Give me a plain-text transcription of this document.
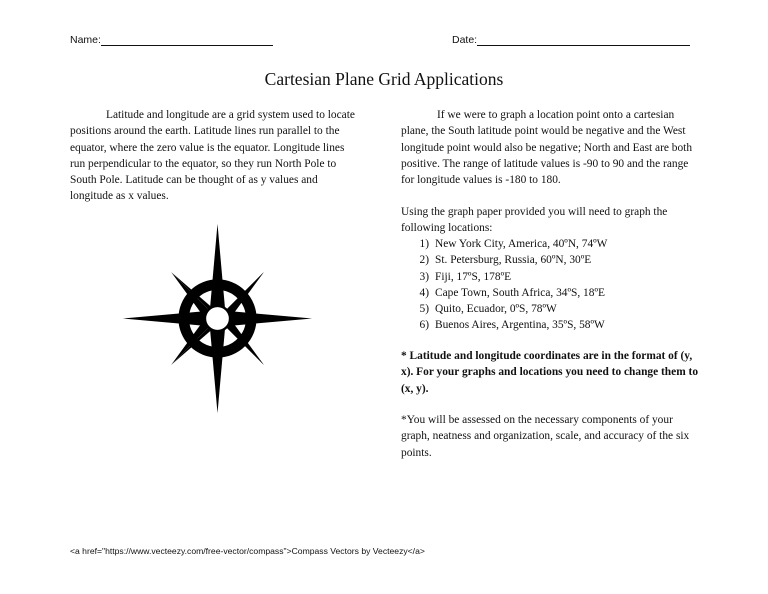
Name:	Date:
Cartesian Plane Grid Applications

Latitude and longitude are a grid system used to locate positions around the earth. Latitude lines run parallel to the equator, where the zero value is the equator. Longitude lines run perpendicular to the equator, so they run North Pole to South Pole. Latitude can be thought of as y values and longitude as x values.

If we were to graph a location point onto a cartesian plane, the South latitude point would be negative and the West longitude point would also be negative; North and East are both positive. The range of latitude values is -90 to 90 and the range for longitude values is -180 to 180.

Using the graph paper provided you will need to graph the following locations:

1) New York City, America, 40ºN, 74ºW
2) St. Petersburg, Russia, 60ºN, 30ºE
3) Fiji, 17ºS, 178ºE
4) Cape Town, South Africa, 34ºS, 18ºE
5) Quito, Ecuador, 0ºS, 78ºW
6) Buenos Aires, Argentina, 35ºS, 58ºW

* Latitude and longitude coordinates are in the format of (y, x). For your graphs and locations you need to change them to (x, y).

*You will be assessed on the necessary components of your graph, neatness and organization, scale, and accuracy of the six points.

<a href="https://www.vecteezy.com/free-vector/compass">Compass Vectors by Vecteezy</a>
